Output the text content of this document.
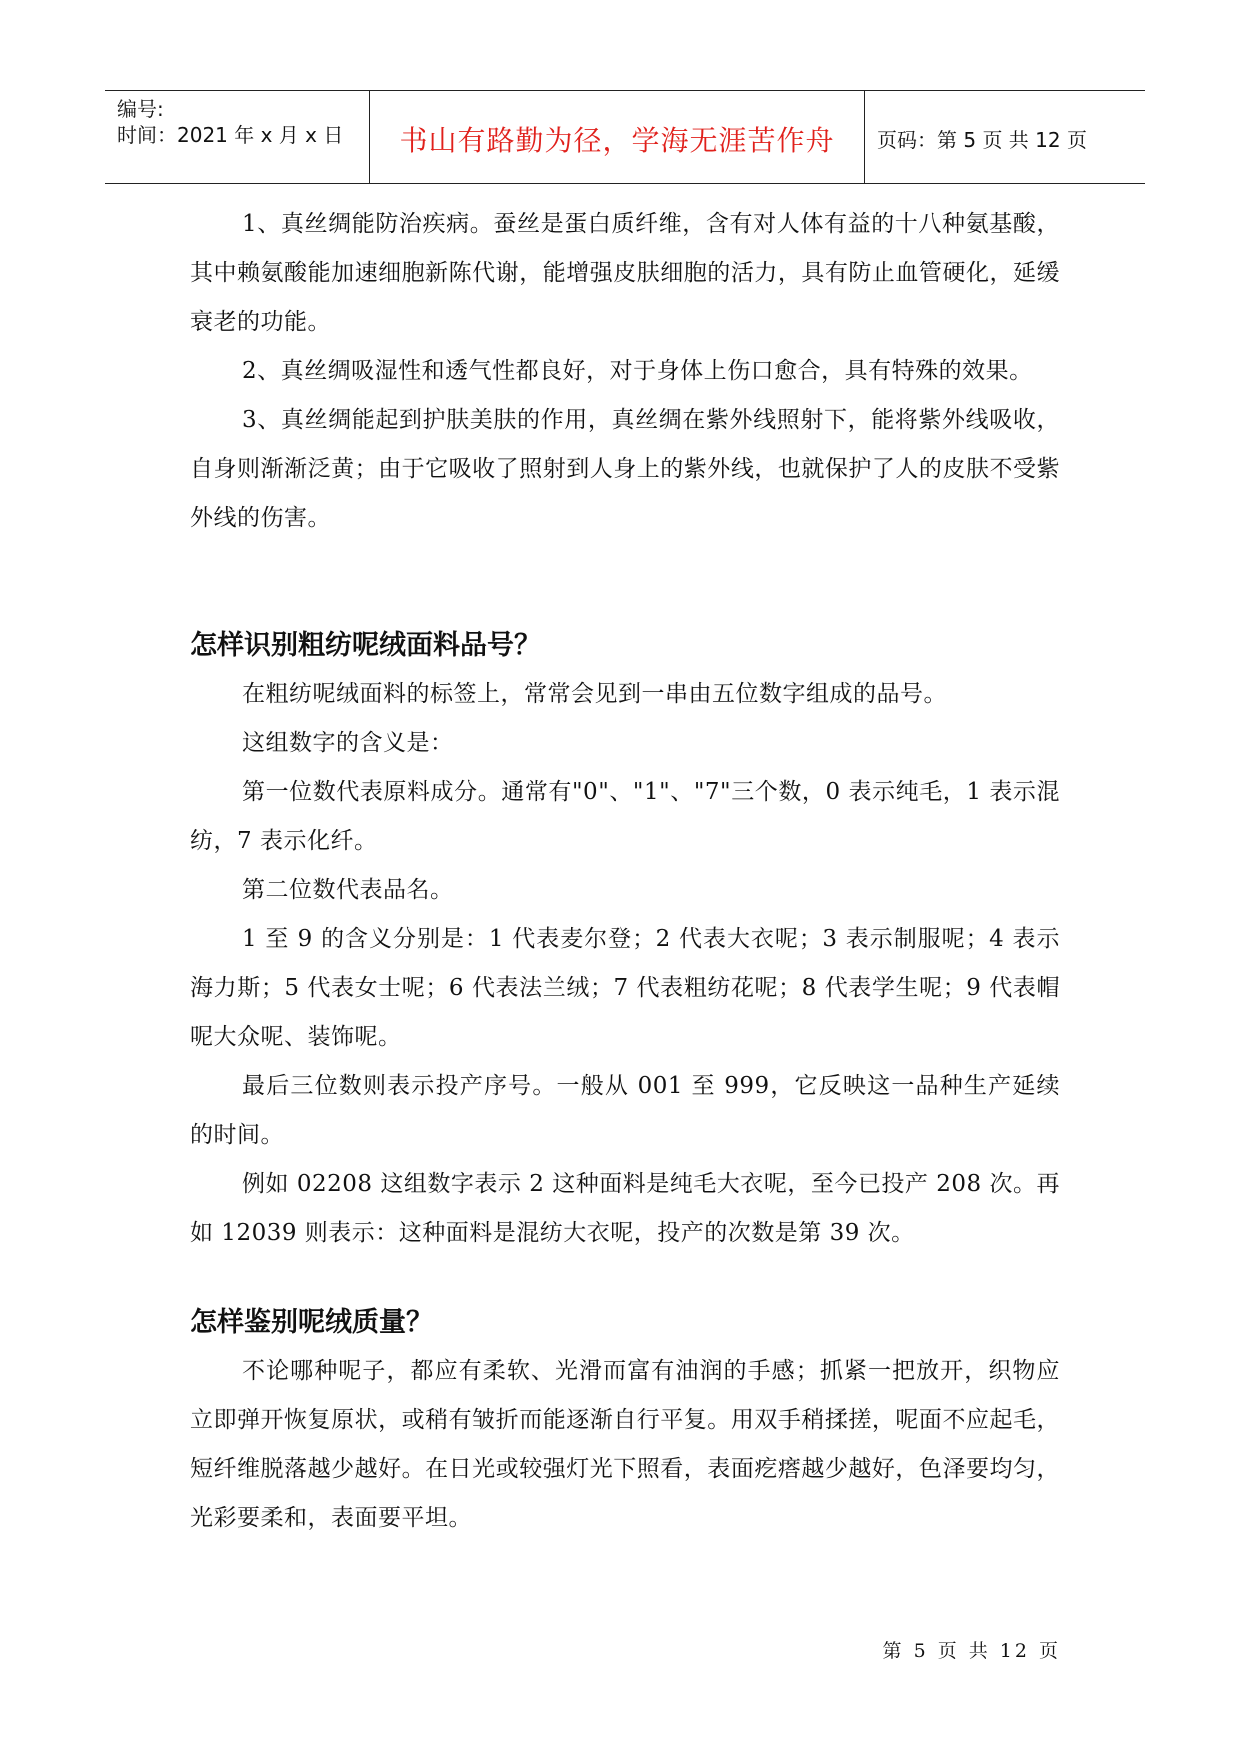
编号:
时间：2021 年 x 月 x 日	书山有路勤为径，学海无涯苦作舟	页码：第 5 页 共 12 页

1、真丝绸能防治疾病。蚕丝是蛋白质纤维，含有对人体有益的十八种氨基酸，其中赖氨酸能加速细胞新陈代谢，能增强皮肤细胞的活力，具有防止血管硬化，延缓衰老的功能。

2、真丝绸吸湿性和透气性都良好，对于身体上伤口愈合，具有特殊的效果。

3、真丝绸能起到护肤美肤的作用，真丝绸在紫外线照射下，能将紫外线吸收，自身则渐渐泛黄；由于它吸收了照射到人身上的紫外线，也就保护了人的皮肤不受紫外线的伤害。

怎样识别粗纺呢绒面料品号？

在粗纺呢绒面料的标签上，常常会见到一串由五位数字组成的品号。

这组数字的含义是：

第一位数代表原料成分。通常有"0"、"1"、"7"三个数，0 表示纯毛，1 表示混纺，7 表示化纤。

第二位数代表品名。

1 至 9 的含义分别是：1 代表麦尔登；2 代表大衣呢；3 表示制服呢；4 表示海力斯；5 代表女士呢；6 代表法兰绒；7 代表粗纺花呢；8 代表学生呢；9 代表帽呢大众呢、装饰呢。

最后三位数则表示投产序号。一般从 001 至 999，它反映这一品种生产延续的时间。

例如 02208 这组数字表示 2 这种面料是纯毛大衣呢，至今已投产 208 次。再如 12039 则表示：这种面料是混纺大衣呢，投产的次数是第 39 次。

怎样鉴别呢绒质量？

不论哪种呢子，都应有柔软、光滑而富有油润的手感；抓紧一把放开，织物应立即弹开恢复原状，或稍有皱折而能逐渐自行平复。用双手稍揉搓，呢面不应起毛，短纤维脱落越少越好。在日光或较强灯光下照看，表面疙瘩越少越好，色泽要均匀，光彩要柔和，表面要平坦。

第 5 页 共 12 页
